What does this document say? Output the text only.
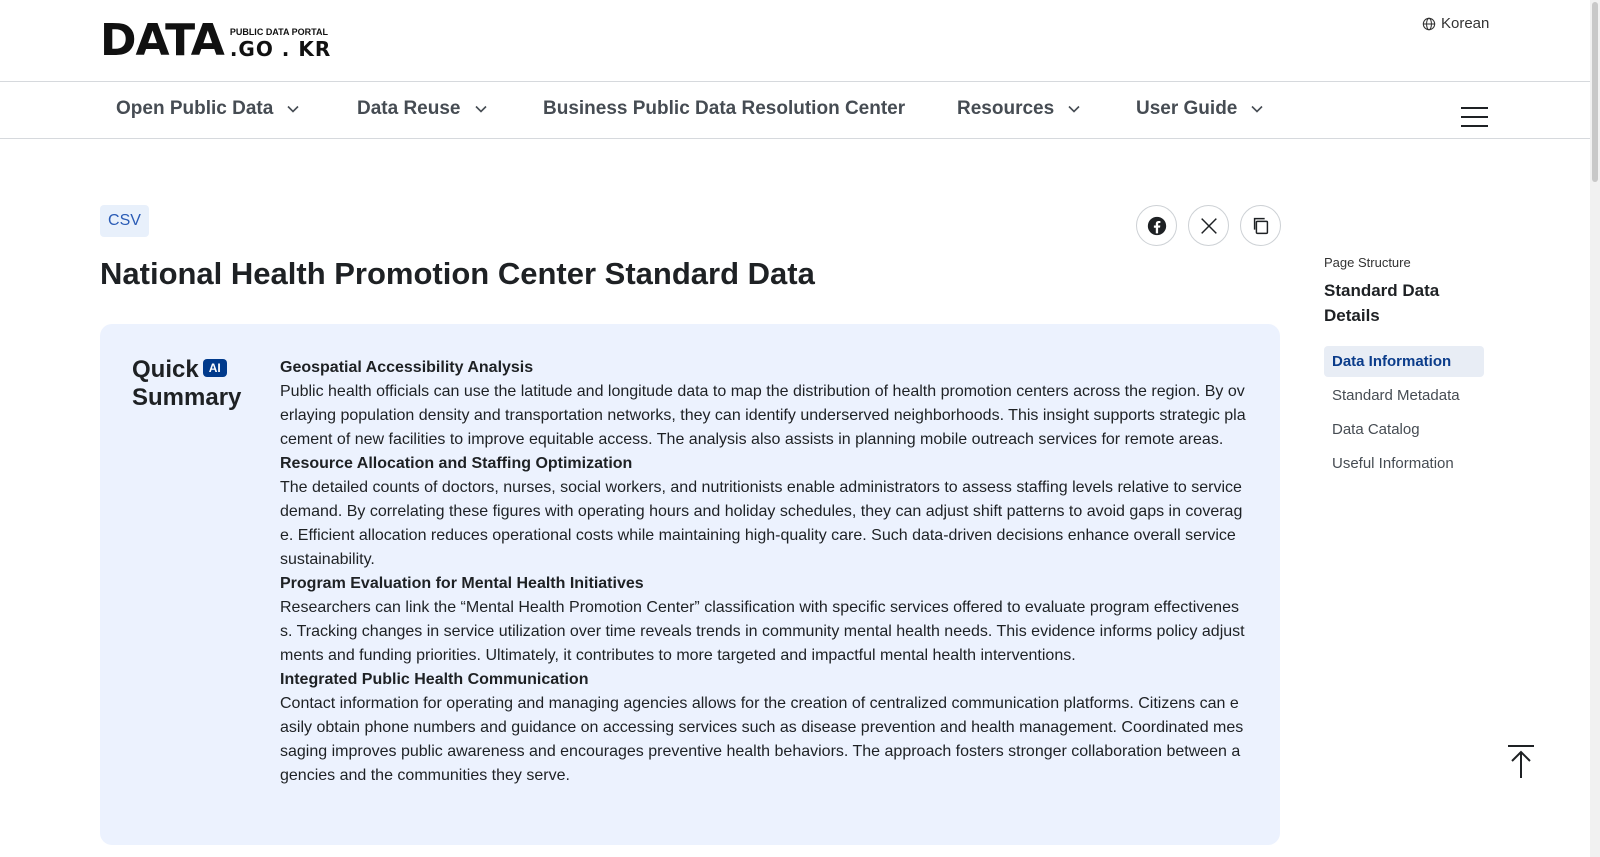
DATA PUBLIC DATA PORTAL
.GO . KR
Korean
Open Public Data	Data Reuse	Business Public Data Resolution Center	Resources	User Guide
CSV
National Health Promotion Center Standard Data
Quick AI
Summary
Geospatial Accessibility Analysis
Public health officials can use the latitude and longitude data to map the distribution of health promotion centers across the region. By overlaying population density and transportation networks, they can identify underserved neighborhoods. This insight supports strategic placement of new facilities to improve equitable access. The analysis also assists in planning mobile outreach services for remote areas.
Resource Allocation and Staffing Optimization
The detailed counts of doctors, nurses, social workers, and nutritionists enable administrators to assess staffing levels relative to service demand. By correlating these figures with operating hours and holiday schedules, they can adjust shift patterns to avoid gaps in coverage. Efficient allocation reduces operational costs while maintaining high-quality care. Such data-driven decisions enhance overall service sustainability.
Program Evaluation for Mental Health Initiatives
Researchers can link the “Mental Health Promotion Center” classification with specific services offered to evaluate program effectiveness. Tracking changes in service utilization over time reveals trends in community mental health needs. This evidence informs policy adjustments and funding priorities. Ultimately, it contributes to more targeted and impactful mental health interventions.
Integrated Public Health Communication
Contact information for operating and managing agencies allows for the creation of centralized communication platforms. Citizens can easily obtain phone numbers and guidance on accessing services such as disease prevention and health management. Coordinated messaging improves public awareness and encourages preventive health behaviors. The approach fosters stronger collaboration between agencies and the communities they serve.
Page Structure
Standard Data Details
Data Information
Standard Metadata
Data Catalog
Useful Information
